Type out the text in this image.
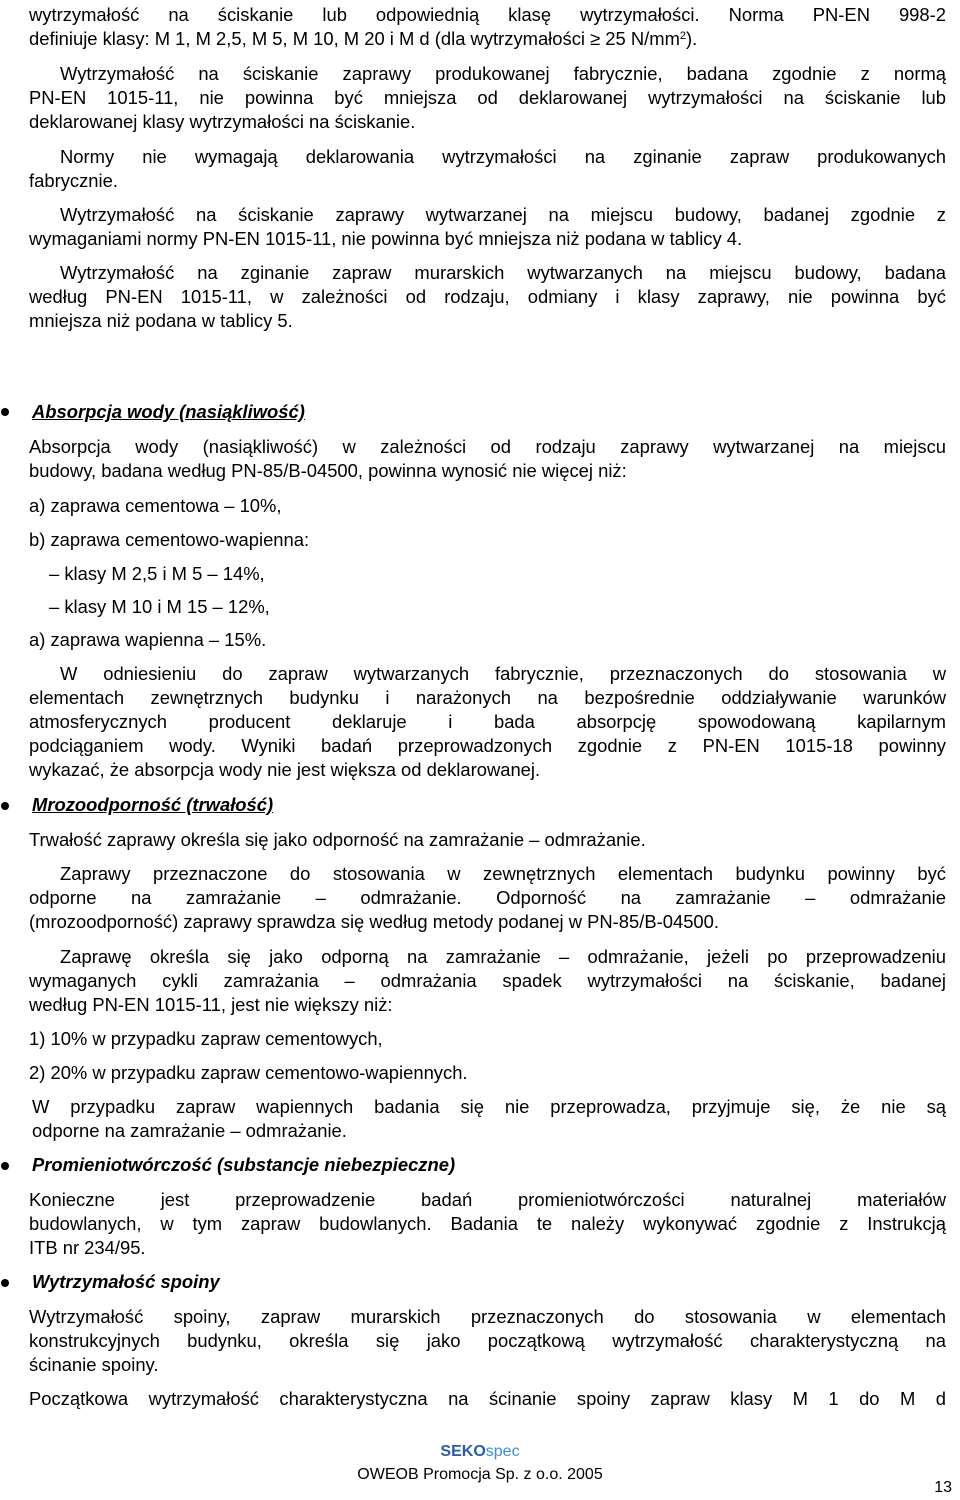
wytrzymałość na ściskanie lub odpowiednią klasę wytrzymałości. Norma PN-EN 998-2
definiuje klasy: M 1, M 2,5, M 5, M 10, M 20 i M d (dla wytrzymałości ≥ 25 $N/mm^2$).
Wytrzymałość na ściskanie zaprawy produkowanej fabrycznie, badana zgodnie z normą
PN-EN 1015-11, nie powinna być mniejsza od deklarowanej wytrzymałości na ściskanie lub
deklarowanej klasy wytrzymałości na ściskanie.
Normy nie wymagają deklarowania wytrzymałości na zginanie zapraw produkowanych
fabrycznie.
Wytrzymałość na ściskanie zaprawy wytwarzanej na miejscu budowy, badanej zgodnie z
wymaganiami normy PN-EN 1015-11, nie powinna być mniejsza niż podana w tablicy 4.
Wytrzymałość na zginanie zapraw murarskich wytwarzanych na miejscu budowy, badana
według PN-EN 1015-11, w zależności od rodzaju, odmiany i klasy zaprawy, nie powinna być
mniejsza niż podana w tablicy 5.
Absorpcja wody (nasiąkliwość)
Absorpcja wody (nasiąkliwość) w zależności od rodzaju zaprawy wytwarzanej na miejscu
budowy, badana według PN-85/B-04500, powinna wynosić nie więcej niż:
a) zaprawa cementowa – 10%,
b) zaprawa cementowo-wapienna:
– klasy M 2,5 i M 5 – 14%,
– klasy M 10 i M 15 – 12%,
a) zaprawa wapienna – 15%.
W odniesieniu do zapraw wytwarzanych fabrycznie, przeznaczonych do stosowania w
elementach zewnętrznych budynku i narażonych na bezpośrednie oddziaływanie warunków
atmosferycznych producent deklaruje i bada absorpcję spowodowaną kapilarnym
podciąganiem wody. Wyniki badań przeprowadzonych zgodnie z PN-EN 1015-18 powinny
wykazać, że absorpcja wody nie jest większa od deklarowanej.
Mrozoodporność (trwałość)
Trwałość zaprawy określa się jako odporność na zamrażanie – odmrażanie.
Zaprawy przeznaczone do stosowania w zewnętrznych elementach budynku powinny być
odporne na zamrażanie – odmrażanie. Odporność na zamrażanie – odmrażanie
(mrozoodporność) zaprawy sprawdza się według metody podanej w PN-85/B-04500.
Zaprawę określa się jako odporną na zamrażanie – odmrażanie, jeżeli po przeprowadzeniu
wymaganych cykli zamrażania – odmrażania spadek wytrzymałości na ściskanie, badanej
według PN-EN 1015-11, jest nie większy niż:
1) 10% w przypadku zapraw cementowych,
2) 20% w przypadku zapraw cementowo-wapiennych.
W przypadku zapraw wapiennych badania się nie przeprowadza, przyjmuje się, że nie są
odporne na zamrażanie – odmrażanie.
Promieniotwórczość (substancje niebezpieczne)
Konieczne jest przeprowadzenie badań promieniotwórczości naturalnej materiałów
budowlanych, w tym zapraw budowlanych. Badania te należy wykonywać zgodnie z Instrukcją
ITB nr 234/95.
Wytrzymałość spoiny
Wytrzymałość spoiny, zapraw murarskich przeznaczonych do stosowania w elementach
konstrukcyjnych budynku, określa się jako początkową wytrzymałość charakterystyczną na
ścinanie spoiny.
Początkowa wytrzymałość charakterystyczna na ścinanie spoiny zapraw klasy M 1 do M d
SEKOspec
OWEOB Promocja Sp. z o.o. 2005
13
